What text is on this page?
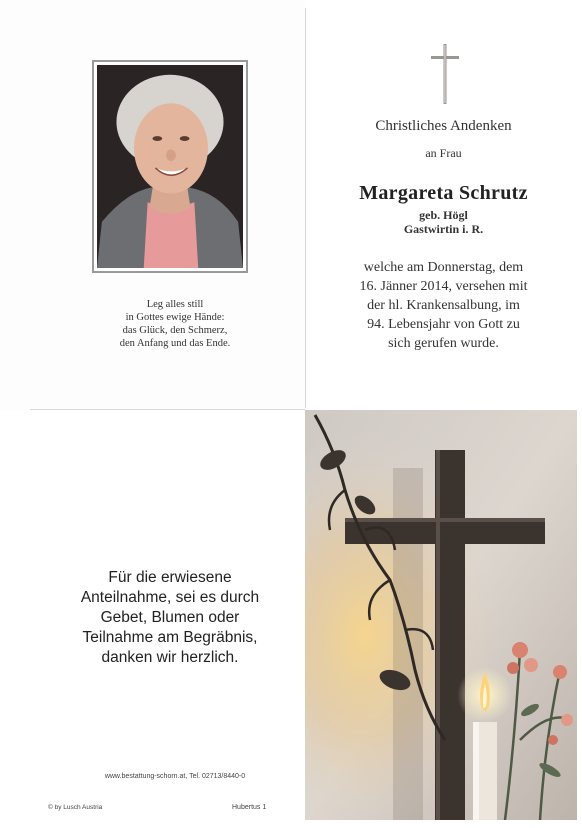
Leg alles still
in Gottes ewige Hände:
das Glück, den Schmerz,
den Anfang und das Ende.
Christliches Andenken
an Frau
Margareta Schrutz
geb. Högl
Gastwirtin i. R.
welche am Donnerstag, dem
16. Jänner 2014, versehen mit
der hl. Krankensalbung, im
94. Lebensjahr von Gott zu
sich gerufen wurde.
Für die erwiesene
Anteilnahme, sei es durch
Gebet, Blumen oder
Teilnahme am Begräbnis,
danken wir herzlich.
www.bestattung-schorn.at, Tel. 02713/8440-0
© by Lusch Austria	Hubertus 1
